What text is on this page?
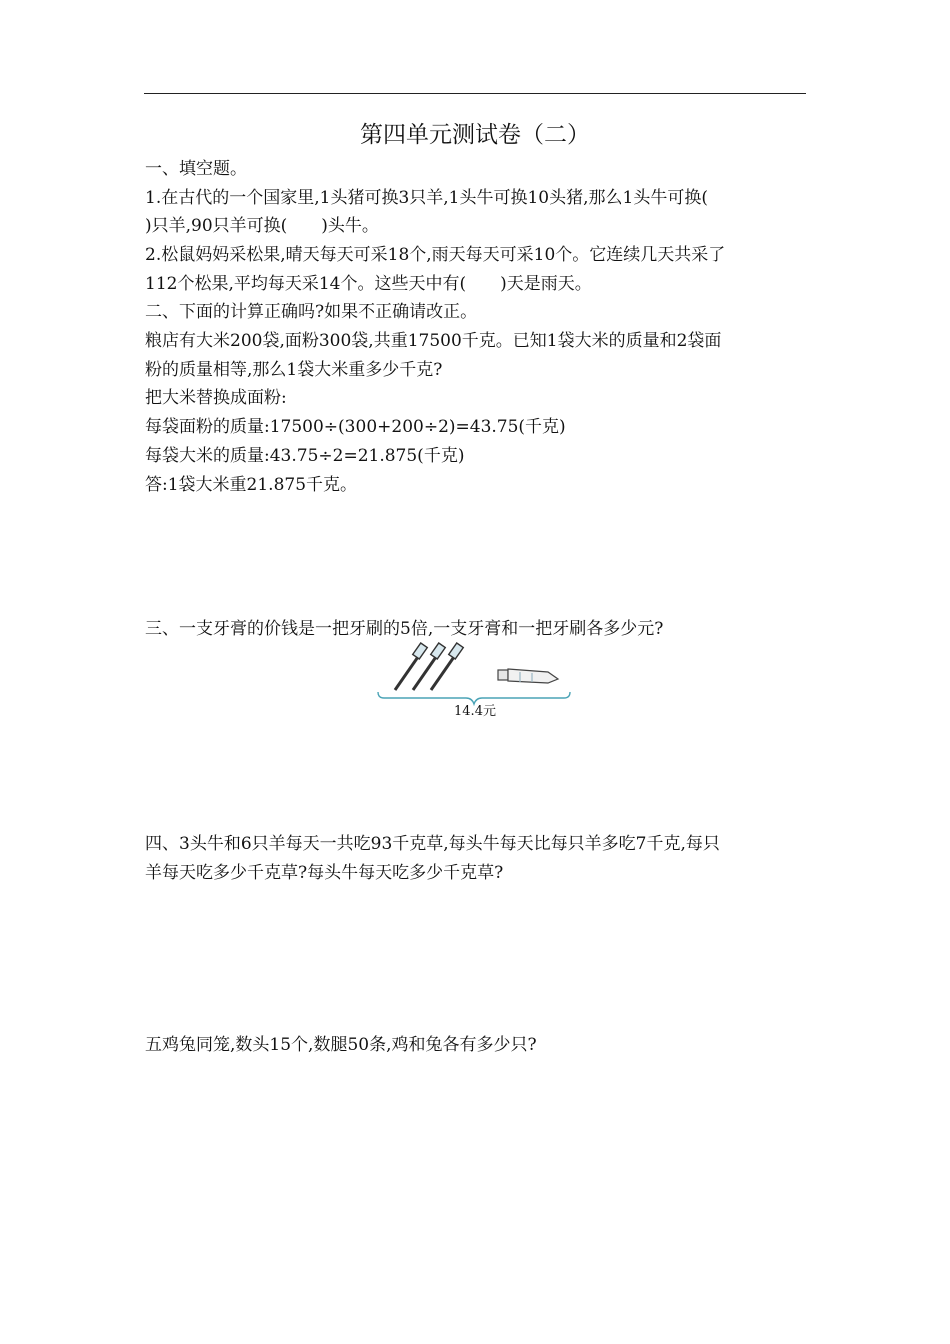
第四单元测试卷（二）
一、填空题。
1.在古代的一个国家里,1头猪可换3只羊,1头牛可换10头猪,那么1头牛可换(
)只羊,90只羊可换(　　)头牛。
2.松鼠妈妈采松果,晴天每天可采18个,雨天每天可采10个。它连续几天共采了
112个松果,平均每天采14个。这些天中有(　　)天是雨天。
二、下面的计算正确吗?如果不正确请改正。
粮店有大米200袋,面粉300袋,共重17500千克。已知1袋大米的质量和2袋面
粉的质量相等,那么1袋大米重多少千克?
把大米替换成面粉:
每袋面粉的质量:17500÷(300+200÷2)=43.75(千克)
每袋大米的质量:43.75÷2=21.875(千克)
答:1袋大米重21.875千克。
三、一支牙膏的价钱是一把牙刷的5倍,一支牙膏和一把牙刷各多少元?
14.4元
四、3头牛和6只羊每天一共吃93千克草,每头牛每天比每只羊多吃7千克,每只
羊每天吃多少千克草?每头牛每天吃多少千克草?
五鸡兔同笼,数头15个,数腿50条,鸡和兔各有多少只?
